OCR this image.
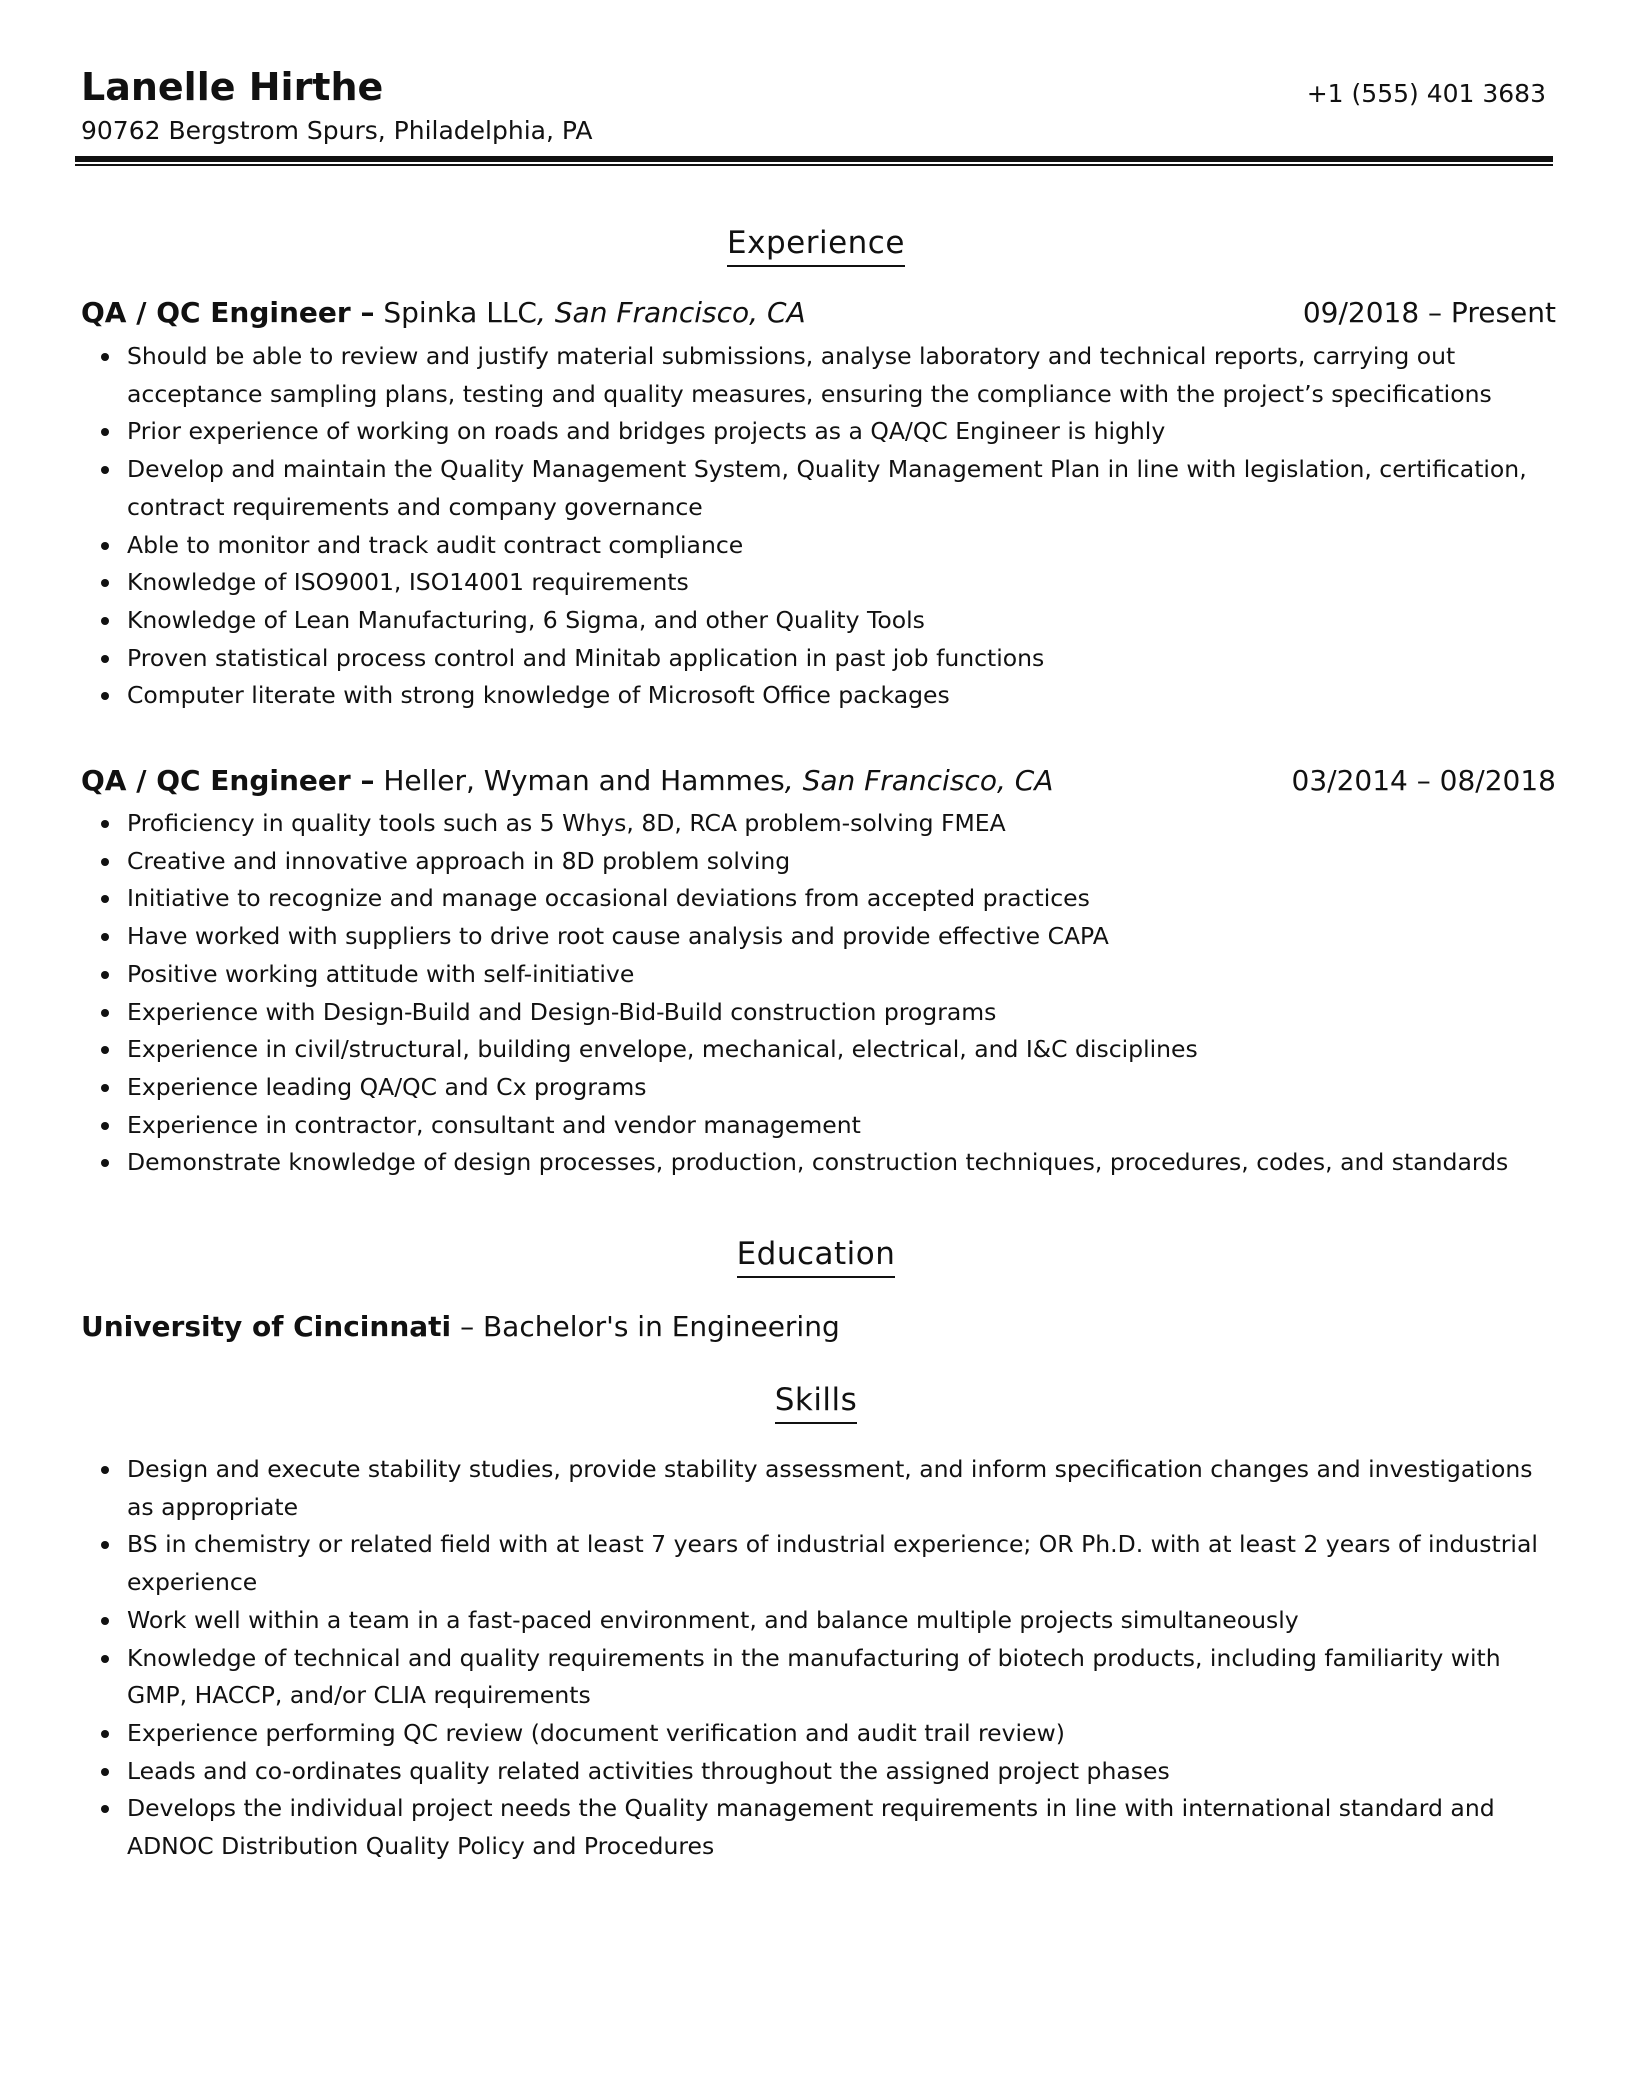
Lanelle Hirthe
90762 Bergstrom Spurs, Philadelphia, PA
+1 (555) 401 3683
Experience
QA / QC Engineer – Spinka LLC, San Francisco, CA	09/2018 – Present
Should be able to review and justify material submissions, analyse laboratory and technical reports, carrying out acceptance sampling plans, testing and quality measures, ensuring the compliance with the project’s specifications
Prior experience of working on roads and bridges projects as a QA/QC Engineer is highly
Develop and maintain the Quality Management System, Quality Management Plan in line with legislation, certification, contract requirements and company governance
Able to monitor and track audit contract compliance
Knowledge of ISO9001, ISO14001 requirements
Knowledge of Lean Manufacturing, 6 Sigma, and other Quality Tools
Proven statistical process control and Minitab application in past job functions
Computer literate with strong knowledge of Microsoft Office packages
QA / QC Engineer – Heller, Wyman and Hammes, San Francisco, CA	03/2014 – 08/2018
Proficiency in quality tools such as 5 Whys, 8D, RCA problem-solving FMEA
Creative and innovative approach in 8D problem solving
Initiative to recognize and manage occasional deviations from accepted practices
Have worked with suppliers to drive root cause analysis and provide effective CAPA
Positive working attitude with self-initiative
Experience with Design-Build and Design-Bid-Build construction programs
Experience in civil/structural, building envelope, mechanical, electrical, and I&C disciplines
Experience leading QA/QC and Cx programs
Experience in contractor, consultant and vendor management
Demonstrate knowledge of design processes, production, construction techniques, procedures, codes, and standards
Education
University of Cincinnati – Bachelor's in Engineering
Skills
Design and execute stability studies, provide stability assessment, and inform specification changes and investigations as appropriate
BS in chemistry or related field with at least 7 years of industrial experience; OR Ph.D. with at least 2 years of industrial experience
Work well within a team in a fast-paced environment, and balance multiple projects simultaneously
Knowledge of technical and quality requirements in the manufacturing of biotech products, including familiarity with GMP, HACCP, and/or CLIA requirements
Experience performing QC review (document verification and audit trail review)
Leads and co-ordinates quality related activities throughout the assigned project phases
Develops the individual project needs the Quality management requirements in line with international standard and ADNOC Distribution Quality Policy and Procedures
